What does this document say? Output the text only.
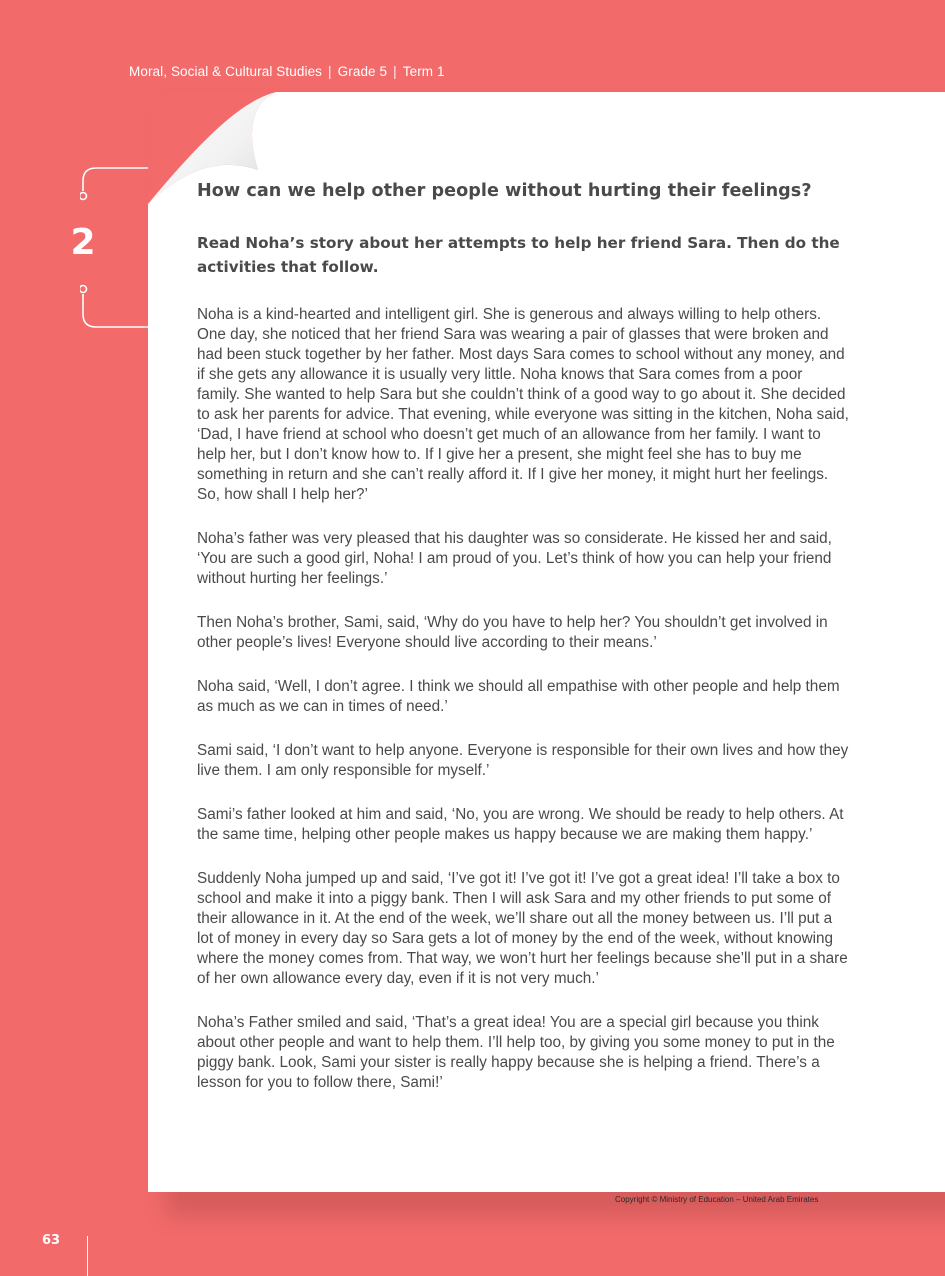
Moral, Social & Cultural Studies | Grade 5 | Term 1
2
How can we help other people without hurting their feelings?
Read Noha’s story about her attempts to help her friend Sara. Then do the activities that follow.

Noha is a kind-hearted and intelligent girl. She is generous and always willing to help others. One day, she noticed that her friend Sara was wearing a pair of glasses that were broken and had been stuck together by her father. Most days Sara comes to school without any money, and if she gets any allowance it is usually very little. Noha knows that Sara comes from a poor family. She wanted to help Sara but she couldn’t think of a good way to go about it. She decided to ask her parents for advice. That evening, while everyone was sitting in the kitchen, Noha said, ‘Dad, I have friend at school who doesn’t get much of an allowance from her family. I want to help her, but I don’t know how to. If I give her a present, she might feel she has to buy me something in return and she can’t really afford it. If I give her money, it might hurt her feelings. So, how shall I help her?’

Noha’s father was very pleased that his daughter was so considerate. He kissed her and said, ‘You are such a good girl, Noha! I am proud of you. Let’s think of how you can help your friend without hurting her feelings.’

Then Noha’s brother, Sami, said, ‘Why do you have to help her? You shouldn’t get involved in other people’s lives! Everyone should live according to their means.’

Noha said, ‘Well, I don’t agree. I think we should all empathise with other people and help them as much as we can in times of need.’

Sami said, ‘I don’t want to help anyone. Everyone is responsible for their own lives and how they live them. I am only responsible for myself.’

Sami’s father looked at him and said, ‘No, you are wrong. We should be ready to help others. At the same time, helping other people makes us happy because we are making them happy.’

Suddenly Noha jumped up and said, ‘I’ve got it! I’ve got it! I’ve got a great idea! I’ll take a box to school and make it into a piggy bank. Then I will ask Sara and my other friends to put some of their allowance in it. At the end of the week, we’ll share out all the money between us. I’ll put a lot of money in every day so Sara gets a lot of money by the end of the week, without knowing where the money comes from. That way, we won’t hurt her feelings because she’ll put in a share of her own allowance every day, even if it is not very much.’

Noha’s Father smiled and said, ‘That’s a great idea! You are a special girl because you think about other people and want to help them. I’ll help too, by giving you some money to put in the piggy bank. Look, Sami your sister is really happy because she is helping a friend. There’s a lesson for you to follow there, Sami!’

Copyright © Ministry of Education – United Arab Emirates
63
